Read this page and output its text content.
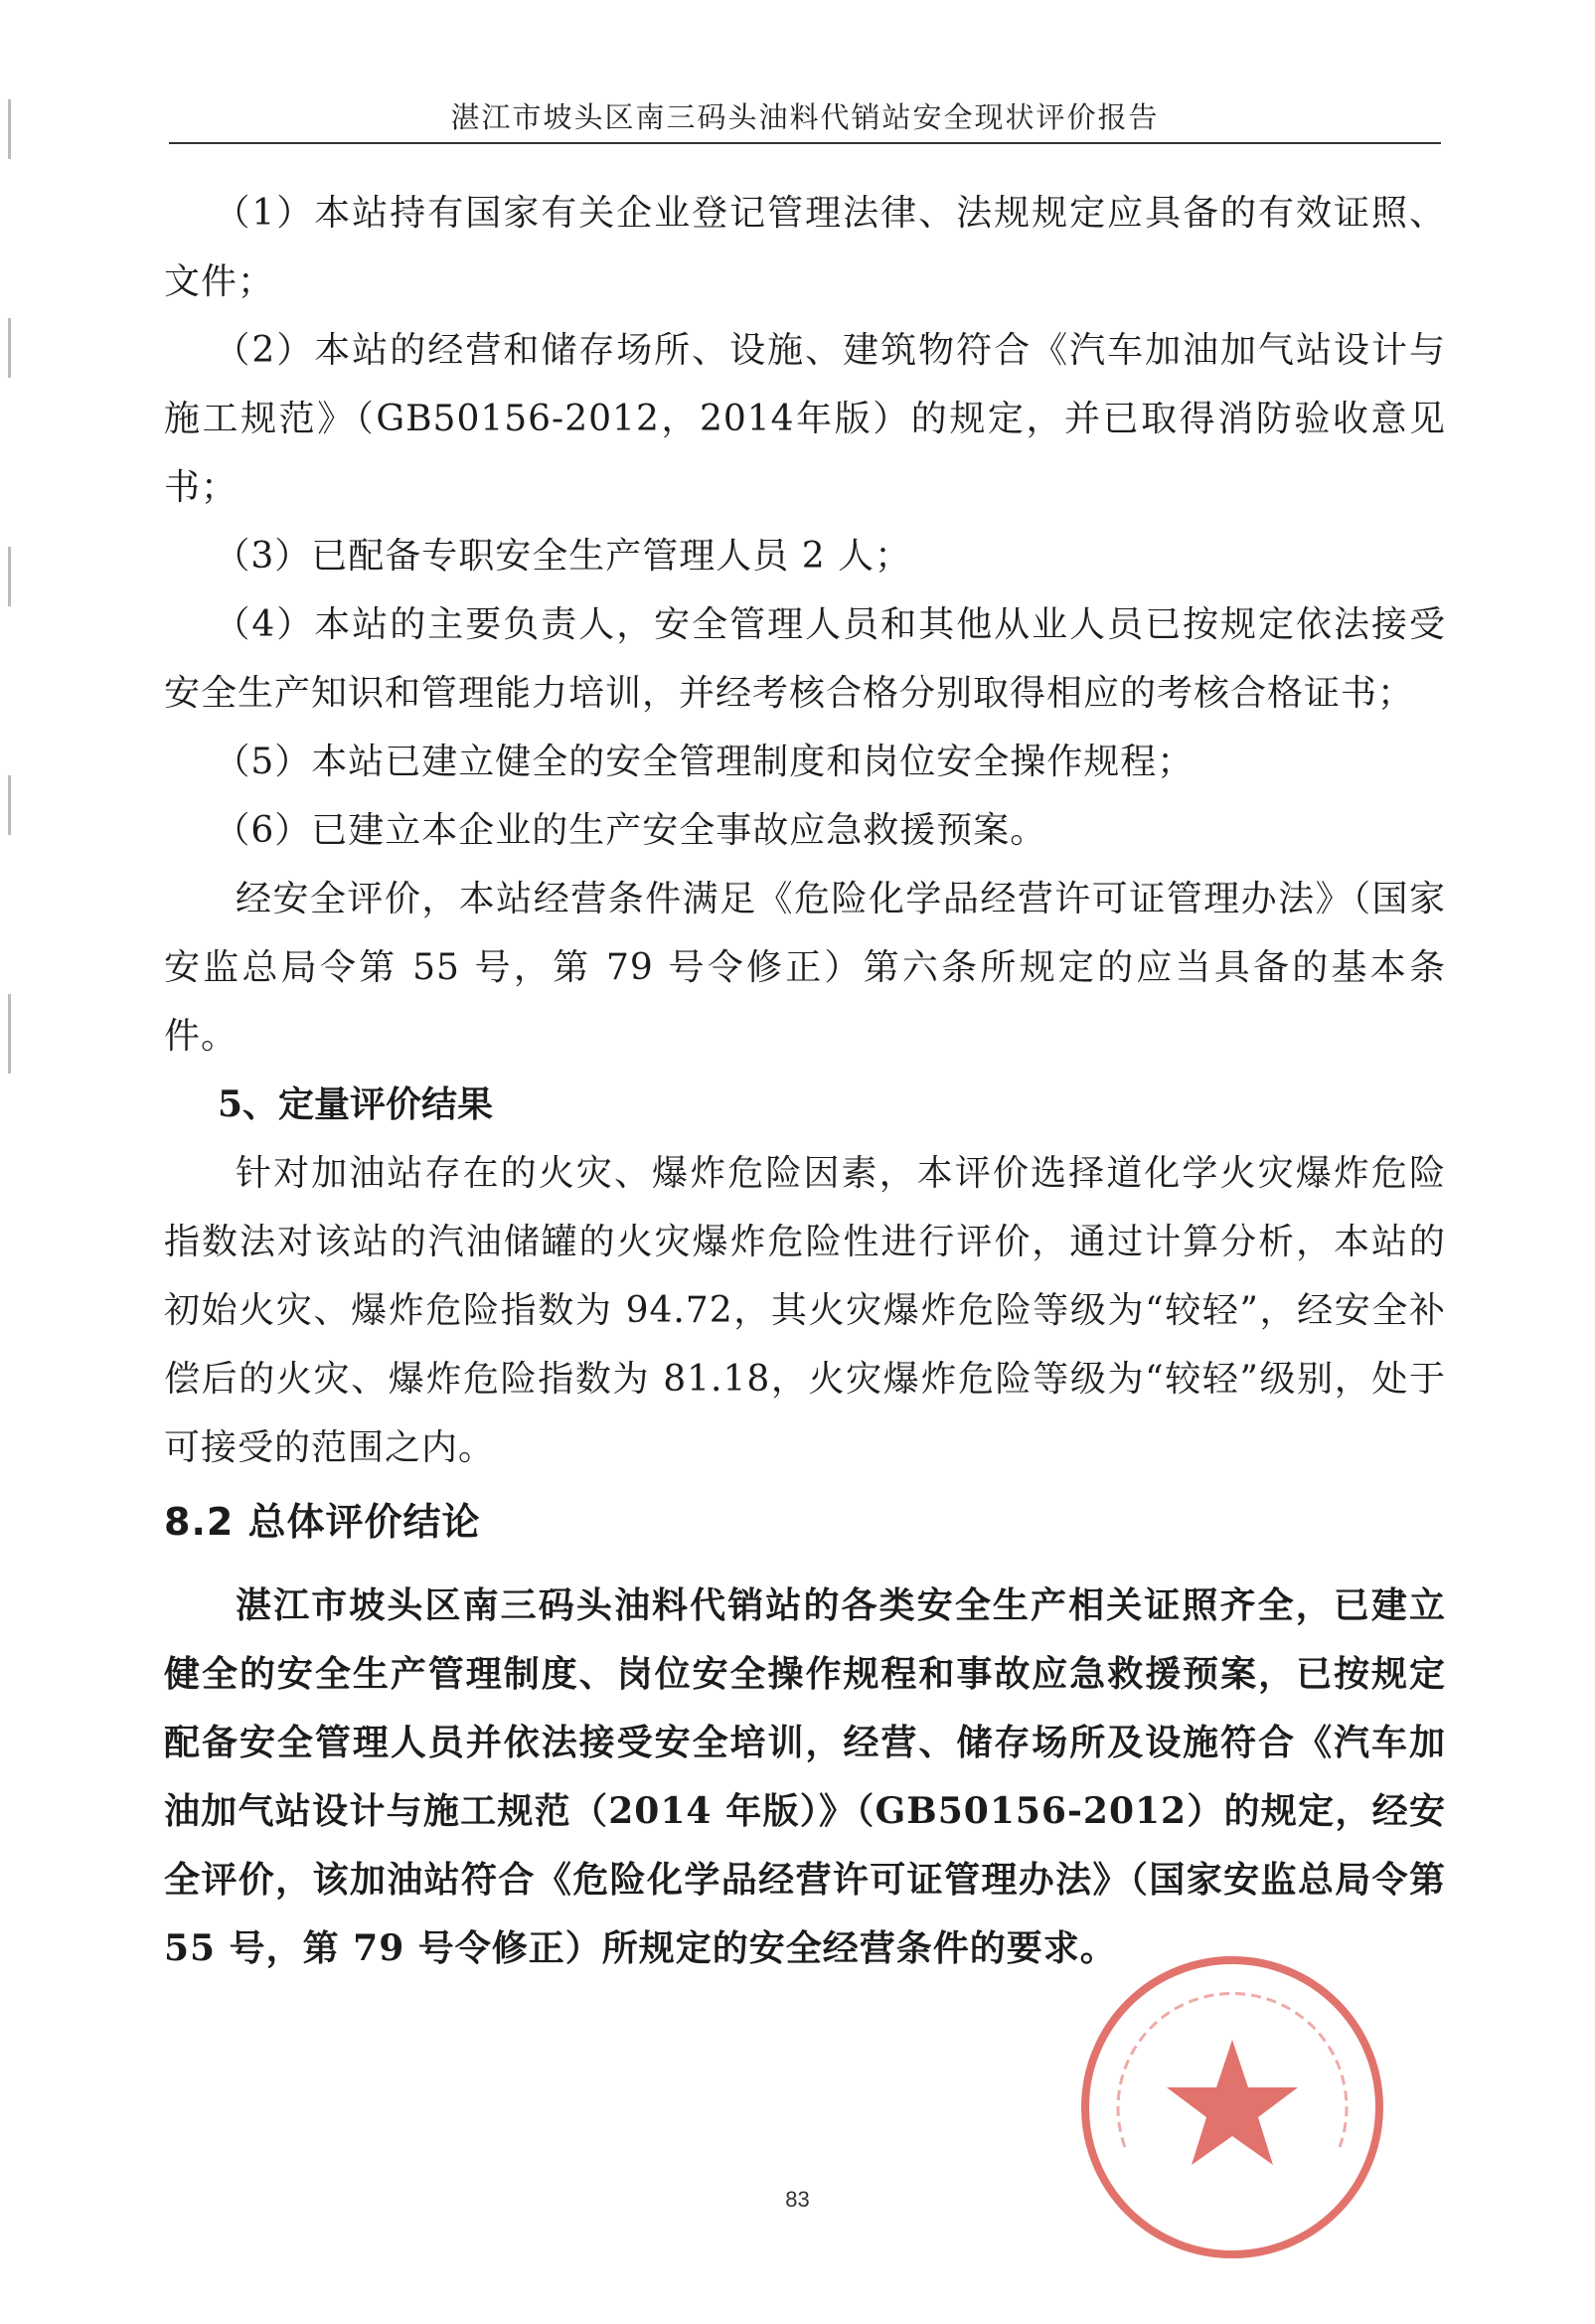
湛江市坡头区南三码头油料代销站安全现状评价报告

（1）本站持有国家有关企业登记管理法律、法规规定应具备的有效证照、文件；

（2）本站的经营和储存场所、设施、建筑物符合《汽车加油加气站设计与施工规范》（GB50156-2012，2014年版）的规定，并已取得消防验收意见书；

（3）已配备专职安全生产管理人员 2 人；

（4）本站的主要负责人，安全管理人员和其他从业人员已按规定依法接受安全生产知识和管理能力培训，并经考核合格分别取得相应的考核合格证书；

（5）本站已建立健全的安全管理制度和岗位安全操作规程；

（6）已建立本企业的生产安全事故应急救援预案。

经安全评价，本站经营条件满足《危险化学品经营许可证管理办法》（国家安监总局令第 55 号，第 79 号令修正）第六条所规定的应当具备的基本条件。

5、定量评价结果

针对加油站存在的火灾、爆炸危险因素，本评价选择道化学火灾爆炸危险指数法对该站的汽油储罐的火灾爆炸危险性进行评价，通过计算分析，本站的初始火灾、爆炸危险指数为 94.72，其火灾爆炸危险等级为“较轻”，经安全补偿后的火灾、爆炸危险指数为 81.18，火灾爆炸危险等级为“较轻”级别，处于可接受的范围之内。

8.2 总体评价结论

湛江市坡头区南三码头油料代销站的各类安全生产相关证照齐全，已建立健全的安全生产管理制度、岗位安全操作规程和事故应急救援预案，已按规定配备安全管理人员并依法接受安全培训，经营、储存场所及设施符合《汽车加油加气站设计与施工规范（2014 年版）》（GB50156-2012）的规定，经安全评价，该加油站符合《危险化学品经营许可证管理办法》（国家安监总局令第 55 号，第 79 号令修正）所规定的安全经营条件的要求。

83
